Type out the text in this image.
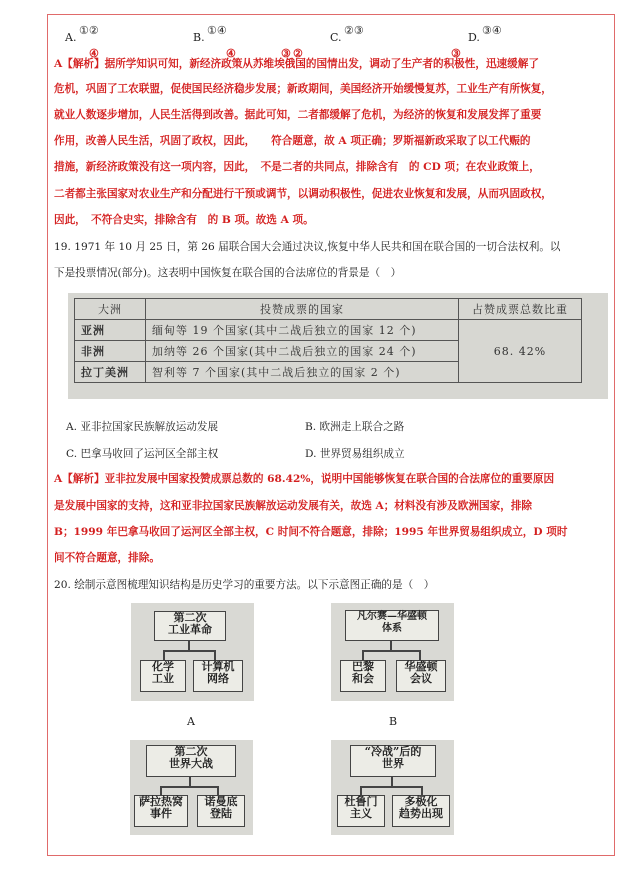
A.
①②
B.
①④
C.
②③
D.
③④
④	④	③ ②	③
A【解析】据所学知识可知，新经济政策从苏维埃俄国的国情出发，调动了生产者的积极性，迅速缓解了
危机，巩固了工农联盟，促使国民经济稳步发展；新政期间，美国经济开始缓慢复苏，工业生产有所恢复，
就业人数逐步增加，人民生活得到改善。据此可知，二者都缓解了危机，为经济的恢复和发展发挥了重要
作用，改善人民生活，巩固了政权，因此，　　符合题意，故 A 项正确；罗斯福新政采取了以工代赈的
措施，新经济政策没有这一项内容，因此，　不是二者的共同点，排除含有　的 CD 项；在农业政策上，
二者都主张国家对农业生产和分配进行干预或调节，以调动积极性，促进农业恢复和发展，从而巩固政权，
因此，　不符合史实，排除含有　的 B 项。故选 A 项。
19. 1971 年 10 月 25 日，第 26 届联合国大会通过决议,恢复中华人民共和国在联合国的一切合法权利。以
下是投票情况(部分)。这表明中国恢复在联合国的合法席位的背景是（　）
大洲	投赞成票的国家	占赞成票总数比重
亚洲	缅甸等 19 个国家(其中二战后独立的国家 12 个)	68. 42%
非洲	加纳等 26 个国家(其中二战后独立的国家 24 个)	
拉丁美洲	智利等 7 个国家(其中二战后独立的国家 2 个)	
A. 亚非拉国家民族解放运动发展	B. 欧洲走上联合之路
C. 巴拿马收回了运河区全部主权	D. 世界贸易组织成立
A【解析】亚非拉发展中国家投赞成票总数的 68.42%，说明中国能够恢复在联合国的合法席位的重要原因
是发展中国家的支持，这和亚非拉国家民族解放运动发展有关，故选 A；材料没有涉及欧洲国家，排除
B；1999 年巴拿马收回了运河区全部主权，C 时间不符合题意，排除；1995 年世界贸易组织成立，D 项时
间不符合题意，排除。
20. 绘制示意图梳理知识结构是历史学习的重要方法。以下示意图正确的是（　）
第二次
工业革命
化学
工业
计算机
网络
A
凡尔赛—华盛顿
体系
巴黎
和会
华盛顿
会议
B
第二次
世界大战
萨拉热窝
事件
诺曼底
登陆
“冷战”后的
世界
杜鲁门
主义
多极化
趋势出现
